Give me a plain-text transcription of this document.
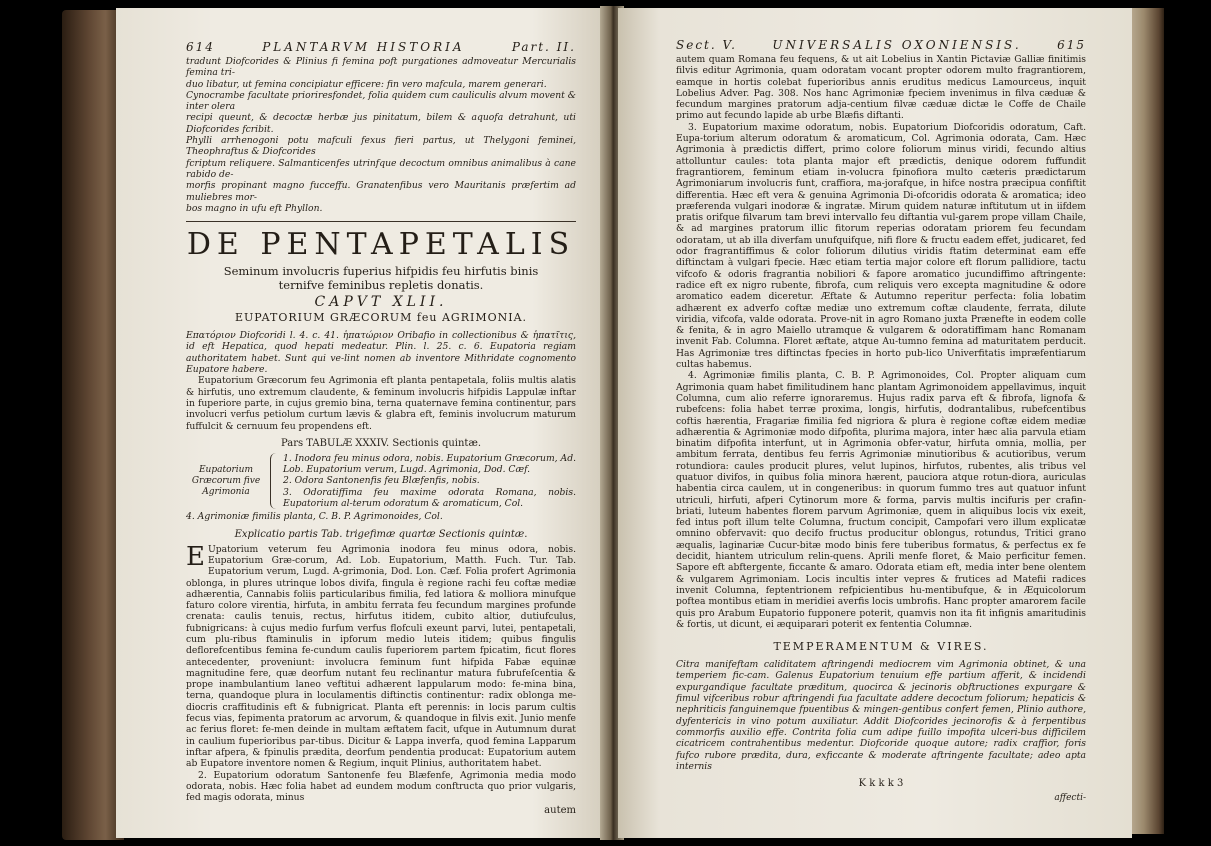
614	PLANTARVM HISTORIA	Part. II.

tradunt Diofcorides & Plinius fi femina poft purgationes admoveatur Mercurialis femina tri-

duo libatur, ut femina concipiatur efficere: fin vero mafcula, marem generari.

Cynocrambe facultate prioriresfondet, folia quidem cum cauliculis alvum movent & inter olera

recipi queunt, & decoctæ herbæ jus pinitatum, bilem & aquofa detrahunt, uti Diofcorides fcribit.

Phylli arrhenogoni potu mafculi fexus fieri partus, ut Thelygoni feminei, Theophraftus & Diofcorides

fcriptum reliquere. Salmanticenfes utrinfque decoctum omnibus animalibus à cane rabido de-

morfis propinant magno fucceffu. Granatenfibus vero Mauritanis præfertim ad muliebres mor-

bos magno in ufu eft Phyllon.

DE PENTAPETALIS
Seminum involucris fuperius hifpidis feu hirfutis binis ternifve feminibus repletis donatis.
CAPVT XLII.
EUPATORIUM GRÆCORUM feu AGRIMONIA.

Eπατόριον Diofcoridi l. 4. c. 41. ἡπατώριον Oribafio in collectionibus & ἡπατῖτις, id eft Hepatica, quod hepati medeatur. Plin. l. 25. c. 6. Eupatoria regiam authoritatem habet. Sunt qui ve-lint nomen ab inventore Mithridate cognomento Eupatore habere.

Eupatorium Græcorum feu Agrimonia eft planta pentapetala, foliis multis alatis & hirfutis, uno extremum claudente, & feminum involucris hifpidis Lappulæ inftar in fuperiore parte, in cujus gremio bina, terna quaternave femina continentur, pars involucri verfus petiolum curtum lævis & glabra eft, feminis involucrum maturum fuffulcit & cernuum feu propendens eft.

Pars TABULÆ XXXIV. Sectionis quintæ.
Eupatorium Græcorum five Agrimonia

1. Inodora feu minus odora, nobis. Eupatorium Græcorum, Ad. Lob. Eupatorium verum, Lugd. Agrimonia, Dod. Cæf.

2. Odora Santonenfis feu Blæfenfis, nobis.

3. Odoratiffima feu maxime odorata Romana, nobis. Eupatorium al-terum odoratum & aromaticum, Col.

4. Agrimoniæ fimilis planta, C. B. P. Agrimonoides, Col.

Explicatio partis Tab. trigefimæ quartæ Sectionis quintæ.

E Upatorium veterum feu Agrimonia inodora feu minus odora, nobis. Eupatorium Græ-corum, Ad. Lob. Eupatorium, Matth. Fuch. Tur. Tab. Eupatorium verum, Lugd. A-grimonia, Dod. Lon. Cæf. Folia profert Agrimonia oblonga, in plures utrinque lobos divifa, fingula è regione rachi feu coftæ mediæ adhærentia, Cannabis foliis particularibus fimilia, fed latiora & molliora minufque faturo colore virentia, hirfuta, in ambitu ferrata feu fecundum margines profunde crenata: caulis tenuis, rectus, hirfutus itidem, cubito altior, dutiufculus, fubnigricans: à cujus medio furfum verfus flofculi exeunt parvi, lutei, pentapetali, cum plu-ribus ftaminulis in ipforum medio luteis itidem; quibus fingulis deflorefcentibus femina fe-cundum caulis fuperiorem partem fpicatim, ficut flores antecedenter, proveniunt: involucra feminum funt hifpida Fabæ equinæ magnitudine fere, quæ deorfum nutant feu reclinantur matura fubrufeſcentia & prope inambulantium laneo veftitui adhærent lappularum modo: fe-mina bina, terna, quandoque plura in loculamentis diftinctis continentur: radix oblonga me-diocris craffitudinis eft & fubnigricat. Planta eft perennis: in locis parum cultis fecus vias, fepimenta pratorum ac arvorum, & quandoque in filvis exit. Junio menfe ac ferius floret: fe-men deinde in multam æftatem facit, ufque in Autumnum durat in caulium fuperioribus par-tibus. Dicitur & Lappa inverfa, quod femina Lapparum inftar afpera, & fpinulis prædita, deorfum pendentia producat: Eupatorium autem ab Eupatore inventore nomen & Regium, inquit Plinius, authoritatem habet.

2. Eupatorium odoratum Santonenfe feu Blæfenfe, Agrimonia media modo odorata, nobis. Hæc folia habet ad eundem modum conftructa quo prior vulgaris, fed magis odorata, minus

autem
Sect. V.	UNIVERSALIS OXONIENSIS.	615

autem quam Romana feu fequens, & ut ait Lobelius in Xantin Pictaviæ Galliæ finitimis filvis editur Agrimonia, quam odoratam vocant propter odorem multo fragrantiorem, eamque in hortis colebat fuperioribus annis eruditus medicus Lamourceus, inquit Lobelius Adver. Pag. 308. Nos hanc Agrimoniæ fpeciem invenimus in filva cæduæ & fecundum margines pratorum adja-centium filvæ cæduæ dictæ le Coffe de Chaile primo aut fecundo lapide ab urbe Blæfis diftanti.

3. Eupatorium maxime odoratum, nobis. Eupatorium Diofcoridis odoratum, Caft. Eupa-torium alterum odoratum & aromaticum, Col. Agrimonia odorata, Cam. Hæc Agrimonia à prædictis differt, primo colore foliorum minus viridi, fecundo altius attolluntur caules: tota planta major eft prædictis, denique odorem fuffundit fragrantiorem, feminum etiam in-volucra fpinofiora multo cæteris prædictarum Agrimoniarum involucris funt, craffiora, ma-jorafque, in hifce nostra præcipua confiftit differentia. Hæc eft vera & genuina Agrimonia Di-ofcoridis odorata & aromatica; ideo præferenda vulgari inodoræ & ingratæ. Mirum quidem naturæ inftitutum ut in iifdem pratis orifque filvarum tam brevi intervallo feu diftantia vul-garem prope villam Chaile, & ad margines pratorum illic fitorum reperias odoratam priorem feu fecundam odoratam, ut ab illa diverfam unufquifque, nifi flore & fructu eadem effet, judicaret, fed odor fragrantiffimus & color foliorum dilutius viridis ftatim determinat eam effe diftinctam à vulgari fpecie. Hæc etiam tertia major colore eft florum pallidiore, tactu vifcofo & odoris fragrantia nobiliori & fapore aromatico jucundiffimo aftringente: radice eft ex nigro rubente, fibrofa, cum reliquis vero excepta magnitudine & odore aromatico eadem diceretur. Æftate & Autumno reperitur perfecta: folia lobatim adhærent ex adverfo coftæ mediæ uno extremum coftæ claudente, ferrata, dilute viridia, vifcofa, valde odorata. Prove-nit in agro Romano juxta Prænefte in eodem colle & fenita, & in agro Maiello utramque & vulgarem & odoratiffimam hanc Romanam invenit Fab. Columna. Floret æftate, atque Au-tumno femina ad maturitatem perducit. Has Agrimoniæ tres diftinctas fpecies in horto pub-lico Univerfitatis impræfentiarum cultas habemus.

4. Agrimoniæ fimilis planta, C. B. P. Agrimonoides, Col. Propter aliquam cum Agrimonia quam habet fimilitudinem hanc plantam Agrimonoidem appellavimus, inquit Columna, cum alio referre ignoraremus. Hujus radix parva eft & fibrofa, lignofa & rubefcens: folia habet terræ proxima, longis, hirfutis, dodrantalibus, rubefcentibus coftis hærentia, Fragariæ fimilia fed nigriora & plura è regione coftæ eidem mediæ adhærentia & Agrimoniæ modo difpofita, plurima majora, inter hæc alia parvula etiam binatim difpofita interfunt, ut in Agrimonia obfer-vatur, hirfuta omnia, mollia, per ambitum ferrata, dentibus feu ferris Agrimoniæ minutioribus & acutioribus, verum rotundiora: caules producit plures, velut lupinos, hirfutos, rubentes, alis tribus vel quatuor divifos, in quibus folia minora hærent, pauciora atque rotun-diora, auriculas habentia circa caulem, ut in congeneribus: in quorum fummo tres aut quatuor infunt utriculi, hirfuti, afperi Cytinorum more & forma, parvis multis incifuris per crafin-briati, luteum habentes florem parvum Agrimoniæ, quem in aliquibus locis vix exeit, fed intus poft illum telte Columna, fructum concipit, Campofari vero illum explicatæ omnino obfervavit: quo decifo fructus producitur oblongus, rotundus, Tritici grano æqualis, laginariæ Cucur-bitæ modo binis fere tuberibus formatus, & perfectus ex fe decidit, hiantem utriculum relin-quens. Aprili menfe floret, & Maio perficitur femen. Sapore eft abftergente, ficcante & amaro. Odorata etiam eft, media inter bene olentem & vulgarem Agrimoniam. Locis incultis inter vepres & frutices ad Matefii radices invenit Columna, feptentrionem refpicientibus hu-mentibufque, & in Æquicolorum poftea montibus etiam in meridiei averfis locis umbrofis. Hanc propter amarorem facile quis pro Arabum Eupatorio fupponere poterit, quamvis non ita fit infignis amaritudinis & fortis, ut dicunt, ei æquiparari poterit ex fententia Columnæ.

TEMPERAMENTUM & VIRES.

Citra manifeftam caliditatem aftringendi mediocrem vim Agrimonia obtinet, & una temperiem fic-cam. Galenus Eupatorium tenuium effe partium afferit, & incidendi expurgandique facultate præditum, quocirca & jecinoris obftructiones expurgare & fimul vifceribus robur aftringendi fua facultate addere decoctum foliorum; hepaticis & nephriticis fanguinemque fpuentibus & mingen-gentibus confert femen, Plinio authore, dyfentericis in vino potum auxiliatur. Addit Diofcorides jecinorofis & à ferpentibus commorfis auxilio effe. Contrita folia cum adipe fuillo impofita ulceri-bus difficilem cicatricem contrahentibus medentur. Diofcoride quoque autore; radix craffior, foris fufco rubore prædita, dura, exficcante & moderate aftringente facultate; adeo apta internis

K k k k 3
affecti-
